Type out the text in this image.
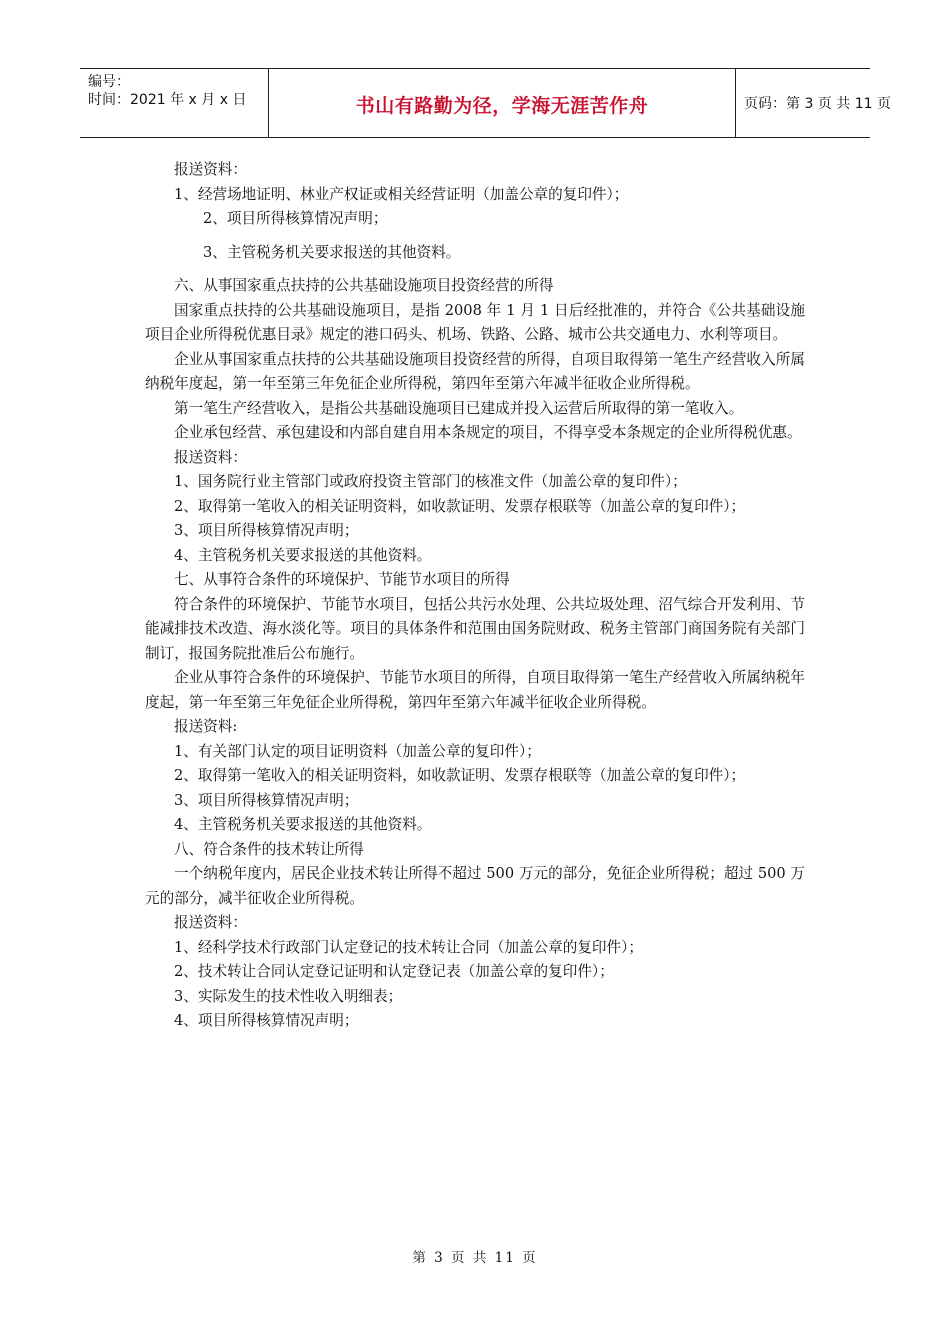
编号：
时间：2021 年 x 月 x 日	书山有路勤为径，学海无涯苦作舟	页码：第 3 页 共 11 页

报送资料：

1、经营场地证明、林业产权证或相关经营证明（加盖公章的复印件）；

2、项目所得核算情况声明；

3、主管税务机关要求报送的其他资料。

六、从事国家重点扶持的公共基础设施项目投资经营的所得

国家重点扶持的公共基础设施项目，是指 2008 年 1 月 1 日后经批准的，并符合《公共基础设施项目企业所得税优惠目录》规定的港口码头、机场、铁路、公路、城市公共交通电力、水利等项目。

企业从事国家重点扶持的公共基础设施项目投资经营的所得，自项目取得第一笔生产经营收入所属纳税年度起，第一年至第三年免征企业所得税，第四年至第六年减半征收企业所得税。

第一笔生产经营收入，是指公共基础设施项目已建成并投入运营后所取得的第一笔收入。

企业承包经营、承包建设和内部自建自用本条规定的项目，不得享受本条规定的企业所得税优惠。

报送资料：

1、国务院行业主管部门或政府投资主管部门的核准文件（加盖公章的复印件）；

2、取得第一笔收入的相关证明资料，如收款证明、发票存根联等（加盖公章的复印件）；

3、项目所得核算情况声明；

4、主管税务机关要求报送的其他资料。

七、从事符合条件的环境保护、节能节水项目的所得

符合条件的环境保护、节能节水项目，包括公共污水处理、公共垃圾处理、沼气综合开发利用、节能减排技术改造、海水淡化等。项目的具体条件和范围由国务院财政、税务主管部门商国务院有关部门制订，报国务院批准后公布施行。

企业从事符合条件的环境保护、节能节水项目的所得，自项目取得第一笔生产经营收入所属纳税年度起，第一年至第三年免征企业所得税，第四年至第六年减半征收企业所得税。

报送资料:

1、有关部门认定的项目证明资料（加盖公章的复印件）；

2、取得第一笔收入的相关证明资料，如收款证明、发票存根联等（加盖公章的复印件）；

3、项目所得核算情况声明；

4、主管税务机关要求报送的其他资料。

八、符合条件的技术转让所得

一个纳税年度内，居民企业技术转让所得不超过 500 万元的部分，免征企业所得税；超过 500 万元的部分，减半征收企业所得税。

报送资料：

1、经科学技术行政部门认定登记的技术转让合同（加盖公章的复印件）；

2、技术转让合同认定登记证明和认定登记表（加盖公章的复印件）；

3、实际发生的技术性收入明细表；

4、项目所得核算情况声明；

第 3 页 共 11 页
